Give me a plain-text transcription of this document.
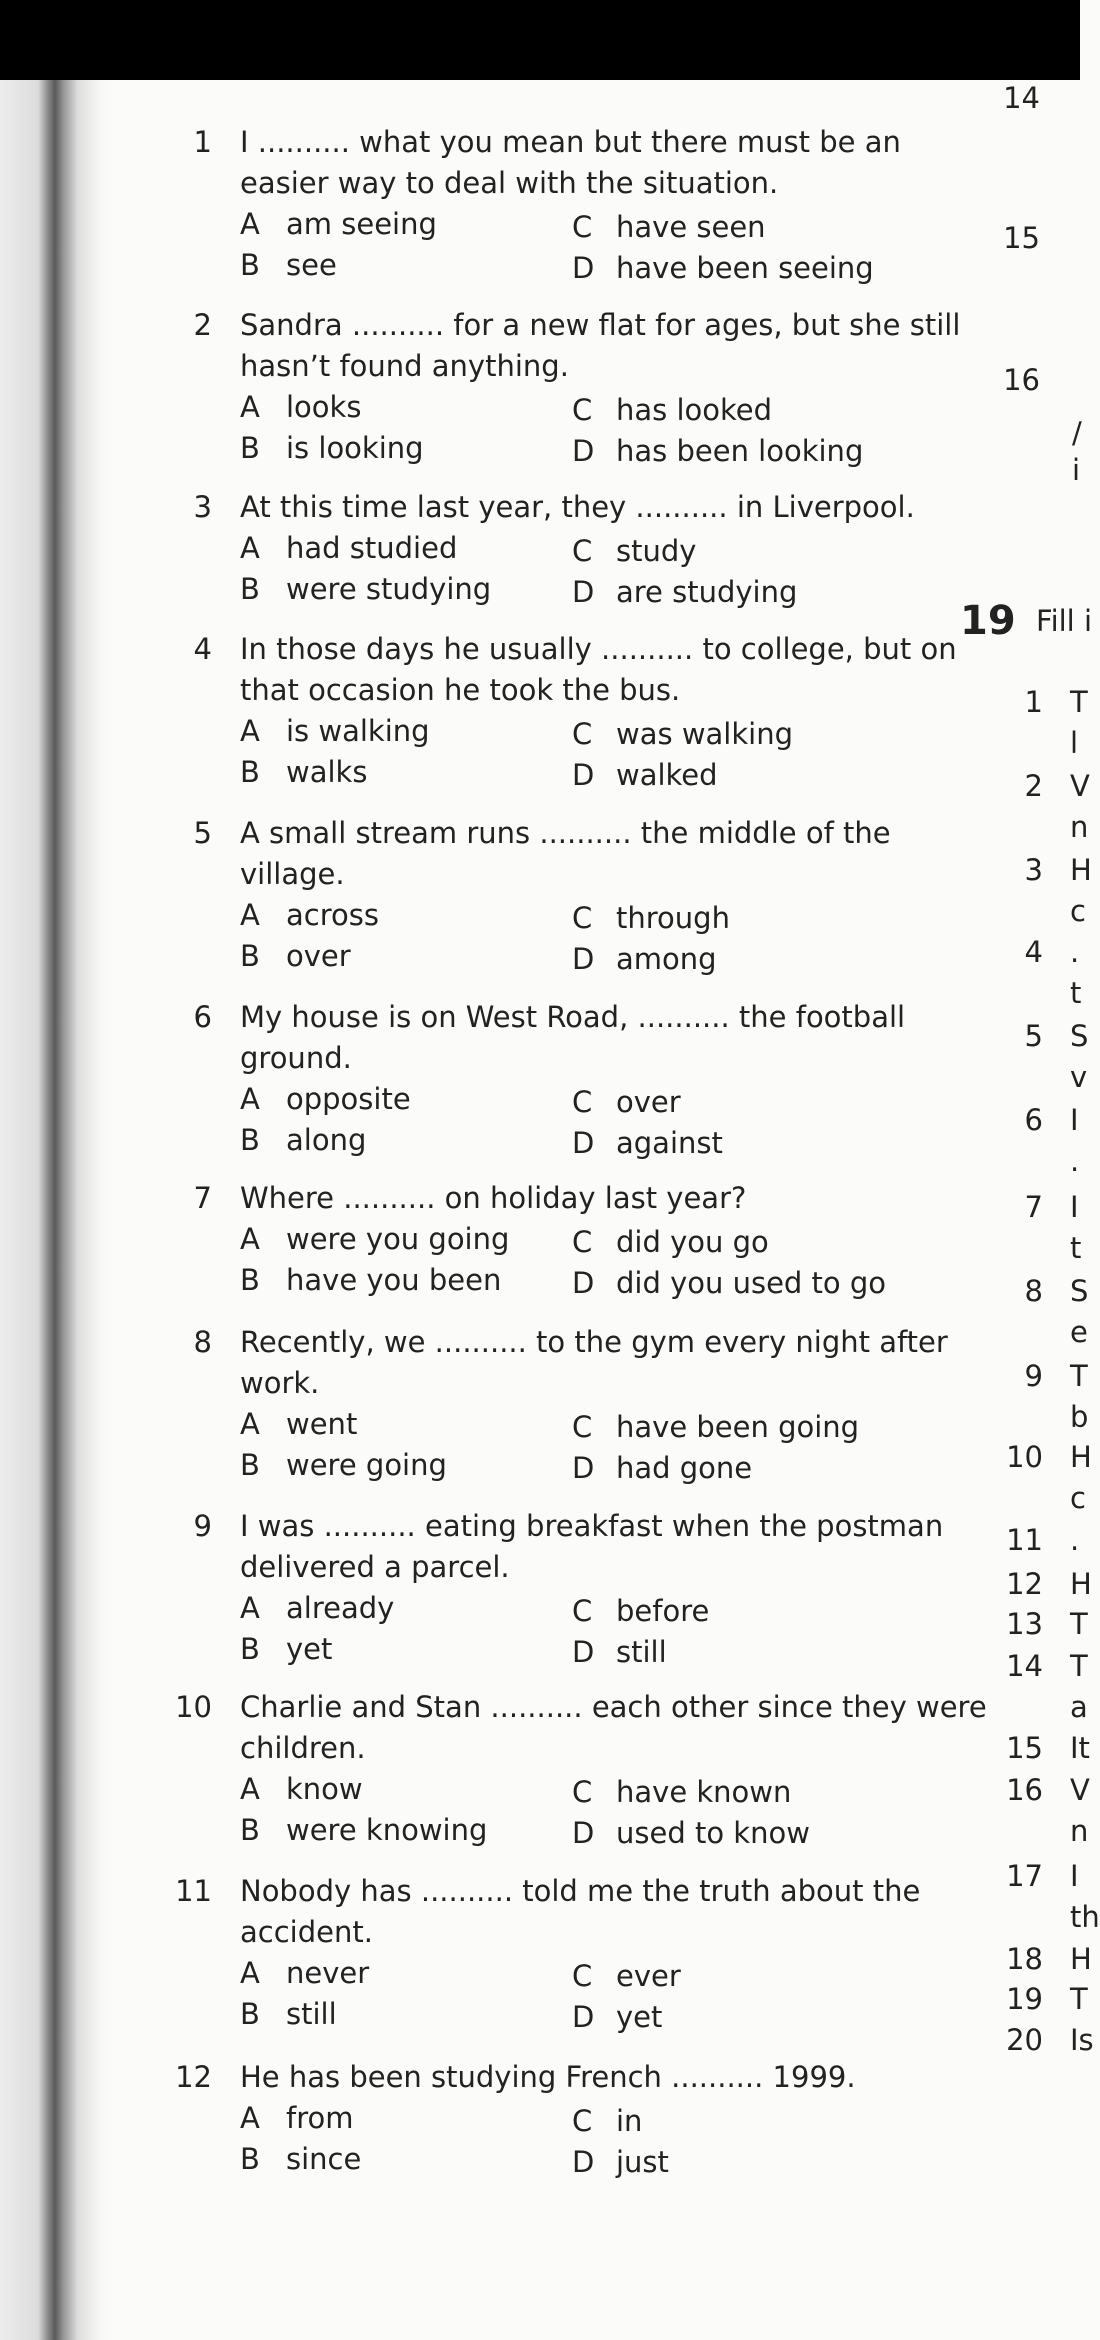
1 I .......... what you mean but there must be an
easier way to deal with the situation.
A am seeing
B see
C have seen
D have been seeing
2 Sandra .......... for a new flat for ages, but she still
hasn’t found anything.
A looks
B is looking
C has looked
D has been looking
3 At this time last year, they .......... in Liverpool.
A had studied
B were studying
C study
D are studying
4 In those days he usually .......... to college, but on
that occasion he took the bus.
A is walking
B walks
C was walking
D walked
5 A small stream runs .......... the middle of the
village.
A across
B over
C through
D among
6 My house is on West Road, .......... the football
ground.
A opposite
B along
C over
D against
7 Where .......... on holiday last year?
A were you going
B have you been
C did you go
D did you used to go
8 Recently, we .......... to the gym every night after
work.
A went
B were going
C have been going
D had gone
9 I was .......... eating breakfast when the postman
delivered a parcel.
A already
B yet
C before
D still
10 Charlie and Stan .......... each other since they were
children.
A know
B were knowing
C have known
D used to know
11 Nobody has .......... told me the truth about the
accident.
A never
B still
C ever
D yet
12 He has been studying French .......... 1999.
A from
B since
C in
D just
14
15
16
/
i
19 Fill i
1 T
l
2 V
n
3 H
c
4 .
t
5 S
v
6 I
.
7 I
t
8 S
e
9 T
b
10 H
c
11 .
12 H
13 T
14 T
a
15 It
16 V
n
17 I
th
18 H
19 T
20 Is
